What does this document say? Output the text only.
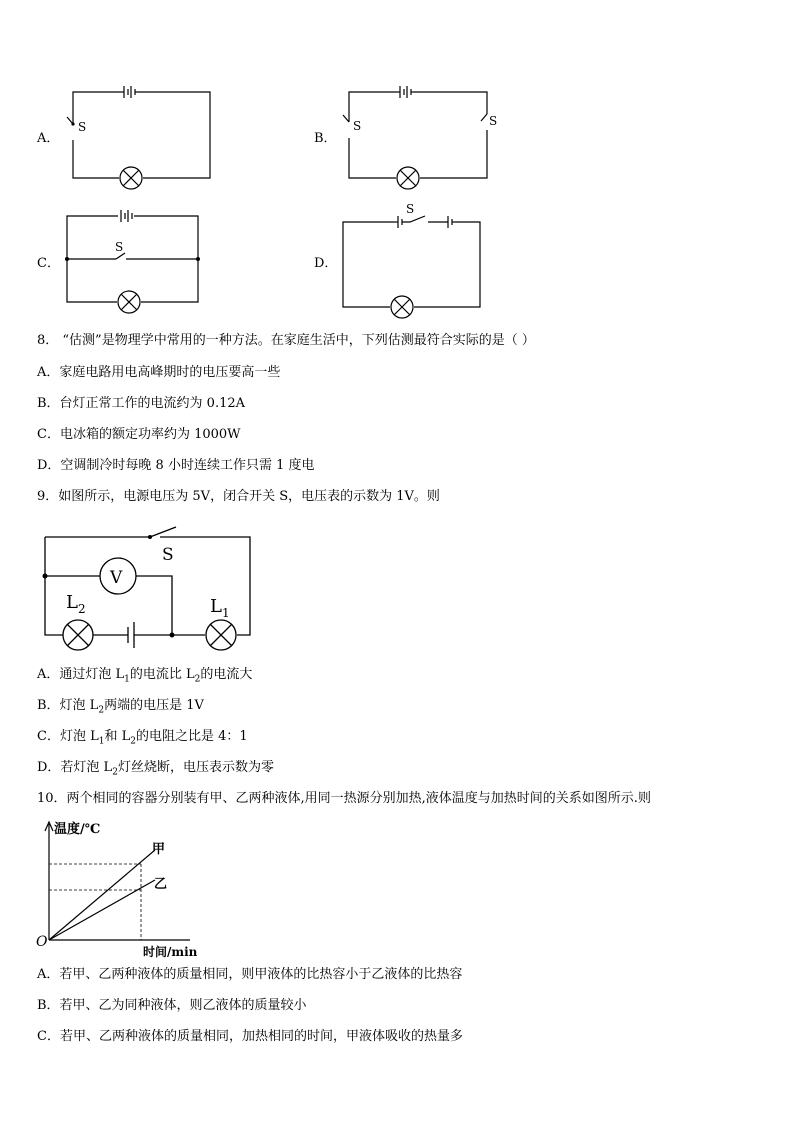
A．
S	S	S
S
S
B．
C．	D．
8． “估测”是物理学中常用的一种方法。在家庭生活中，下列估测最符合实际的是（ ）
A．家庭电路用电高峰期时的电压要高一些
B．台灯正常工作的电流约为 0.12A
C．电冰箱的额定功率约为 1000W
D．空调制冷时每晚 8 小时连续工作只需 1 度电
9．如图所示，电源电压为 5V，闭合开关 S，电压表的示数为 1V。则
S
V
$L_2$	$L_1$
A．通过灯泡 $L_1$的电流比 $L_2$的电流大
B．灯泡 $L_2$两端的电压是 1V
C．灯泡 $L_1$和 $L_2$的电阻之比是 4：1
D．若灯泡 $L_2$灯丝烧断，电压表示数为零
10．两个相同的容器分别装有甲、乙两种液体,用同一热源分别加热,液体温度与加热时间的关系如图所示.则
温度/℃
O
时间/min
甲
乙
A．若甲、乙两种液体的质量相同，则甲液体的比热容小于乙液体的比热容
B．若甲、乙为同种液体，则乙液体的质量较小
C．若甲、乙两种液体的质量相同，加热相同的时间，甲液体吸收的热量多
